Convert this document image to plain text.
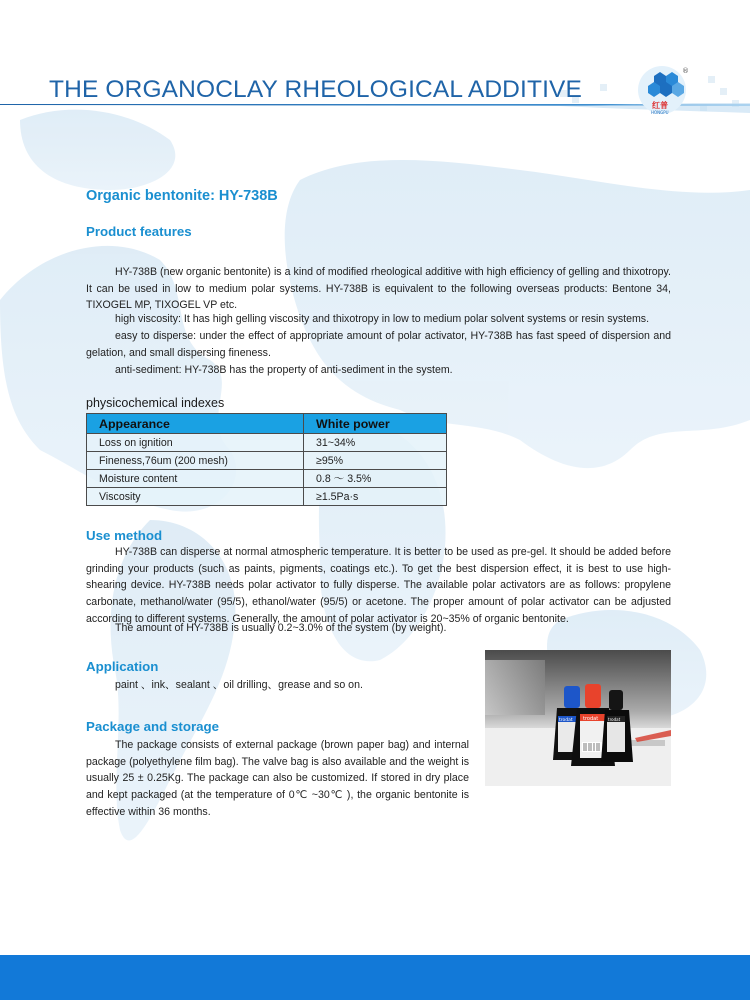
THE ORGANOCLAY RHEOLOGICAL ADDITIVE
®
红普
HONGPU
Organic bentonite: HY-738B
Product features

HY-738B (new organic bentonite) is a kind of modified rheological additive with high efficiency of gelling and thixotropy. It can be used in low to medium polar systems. HY-738B is equivalent to the following overseas products: Bentone 34, TIXOGEL MP, TIXOGEL VP etc.

high viscosity: It has high gelling viscosity and thixotropy in low to medium polar solvent systems or resin systems.

easy to disperse: under the effect of appropriate amount of polar activator, HY-738B has fast speed of dispersion and gelation, and small dispersing fineness.

anti-sediment: HY-738B has the property of anti-sediment in the system.

physicochemical indexes
Appearance	White power
Loss on ignition	31~34%
Fineness,76um (200 mesh)	≥95%
Moisture content	0.8 ～ 3.5%
Viscosity	≥1.5Pa·s
Use method

HY-738B can disperse at normal atmospheric temperature. It is better to be used as pre-gel. It should be added before grinding your products (such as paints, pigments, coatings etc.). To get the best dispersion effect, it is best to use high-shearing device. HY-738B needs polar activator to fully disperse. The available polar activators are as follows: propylene carbonate, methanol/water (95/5), ethanol/water (95/5) or acetone. The proper amount of polar activator can be adjusted according to different systems. Generally, the amount of polar activator is 20~35% of organic bentonite.

The amount of HY-738B is usually 0.2~3.0% of the system (by weight).

Application

paint 、ink、sealant 、oil drilling、grease and so on.

Package and storage

The package consists of external package (brown paper bag) and internal package (polyethylene film bag). The valve bag is also available and the weight is usually 25 ± 0.25Kg. The package can also be customized. If stored in dry place and kept packaged (at the temperature of 0℃ ~30℃ ), the organic bentonite is effective within 36 months.

trodat
trodat	trodat
